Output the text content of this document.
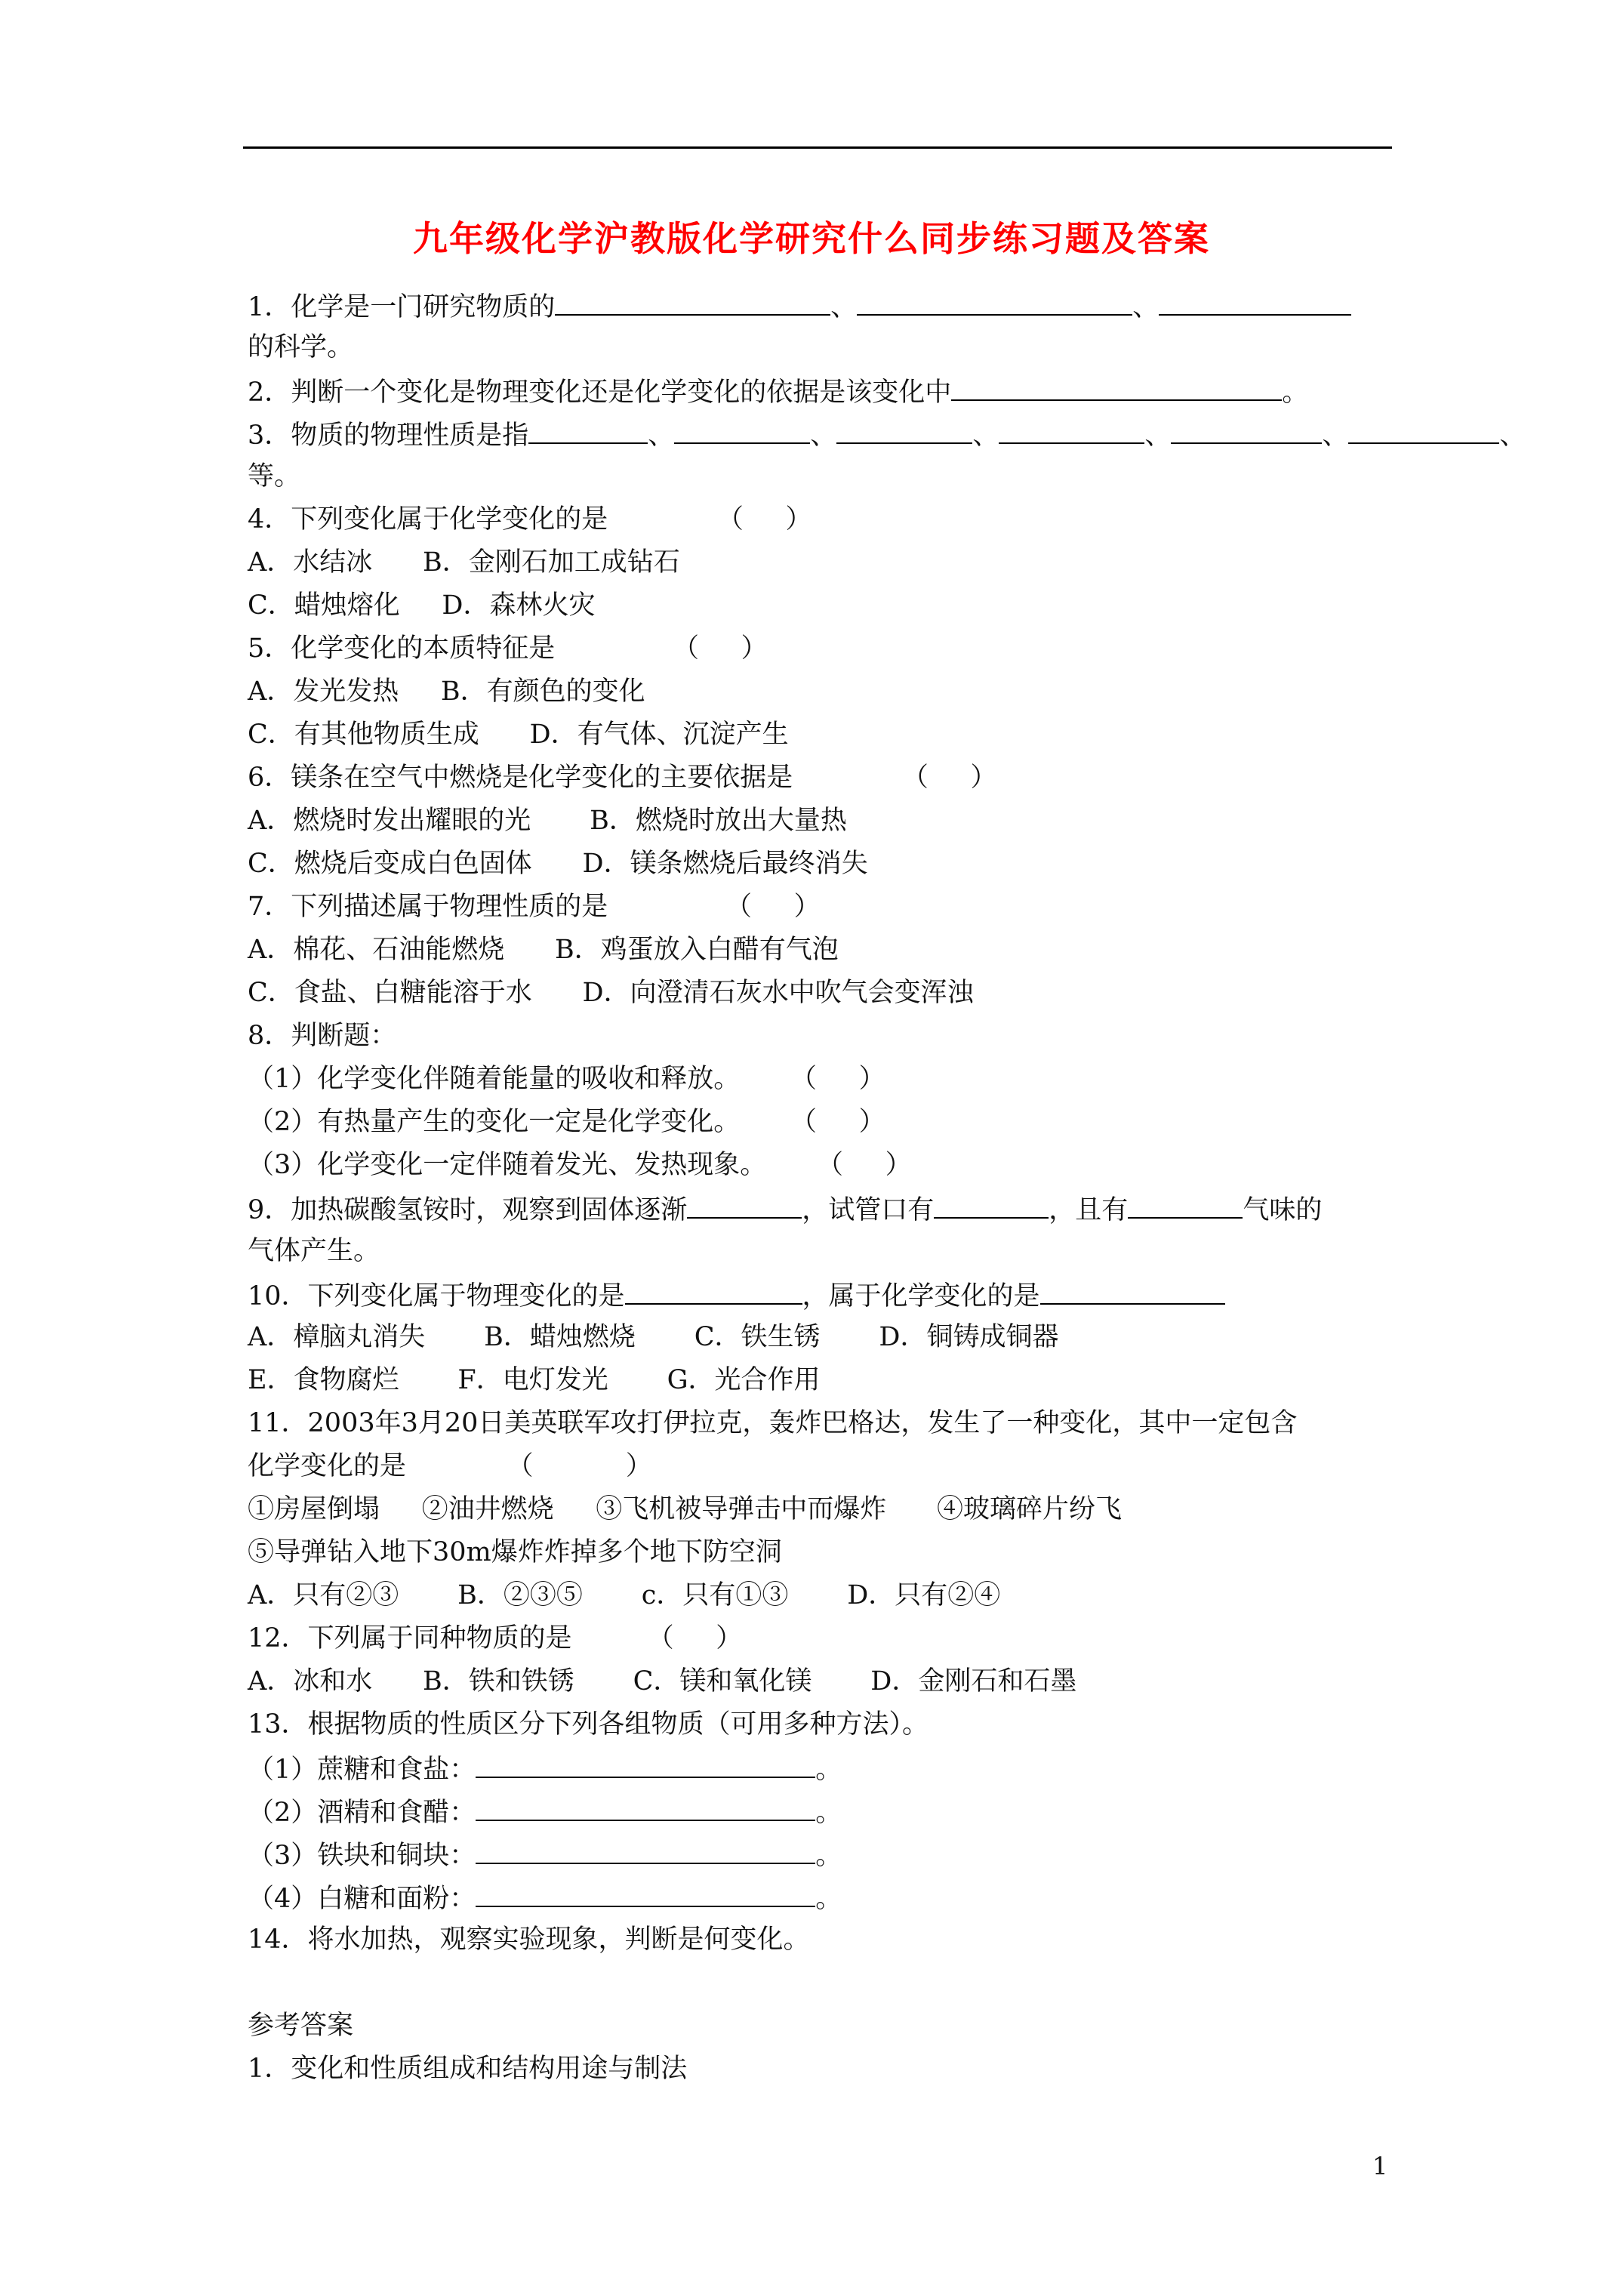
九年级化学沪教版化学研究什么同步练习题及答案
1．化学是一门研究物质的	、	、
的科学。
2．判断一个变化是物理变化还是化学变化的依据是该变化中	。
3．物质的物理性质是指	、	、	、	、	、	、
等。
4．下列变化属于化学变化的是             （     ）
A．水结冰      B．金刚石加工成钻石
C．蜡烛熔化     D．森林火灾
5．化学变化的本质特征是              （     ）
A．发光发热     B．有颜色的变化
C．有其他物质生成      D．有气体、沉淀产生
6．镁条在空气中燃烧是化学变化的主要依据是             （     ）
A．燃烧时发出耀眼的光       B．燃烧时放出大量热
C．燃烧后变成白色固体      D．镁条燃烧后最终消失
7．下列描述属于物理性质的是              （     ）
A．棉花、石油能燃烧      B．鸡蛋放入白醋有气泡
C．食盐、白糖能溶于水      D．向澄清石灰水中吹气会变浑浊
8．判断题：
（1）化学变化伴随着能量的吸收和释放。      （     ）
（2）有热量产生的变化一定是化学变化。      （     ）
（3）化学变化一定伴随着发光、发热现象。      （     ）
9．加热碳酸氢铵时，观察到固体逐渐	，试管口有	，且有	气味的
气体产生。
10．下列变化属于物理变化的是	，属于化学变化的是
A．樟脑丸消失       B．蜡烛燃烧       C．铁生锈       D．铜铸成铜器
E．食物腐烂       F．电灯发光       G．光合作用
11．2003年3月20日美英联军攻打伊拉克，轰炸巴格达，发生了一种变化，其中一定包含
化学变化的是            （           ）
①房屋倒塌     ②油井燃烧     ③飞机被导弹击中而爆炸      ④玻璃碎片纷飞
⑤导弹钻入地下30m爆炸炸掉多个地下防空洞
A．只有②③       B．②③⑤       c．只有①③       D．只有②④
12．下列属于同种物质的是         （     ）
A．冰和水      B．铁和铁锈       C．镁和氧化镁       D．金刚石和石墨
13．根据物质的性质区分下列各组物质（可用多种方法）。
（1）蔗糖和食盐：	。
（2）酒精和食醋：	。
（3）铁块和铜块：	。
（4）白糖和面粉：	。
14．将水加热，观察实验现象，判断是何变化。
参考答案
1．变化和性质组成和结构用途与制法
1
